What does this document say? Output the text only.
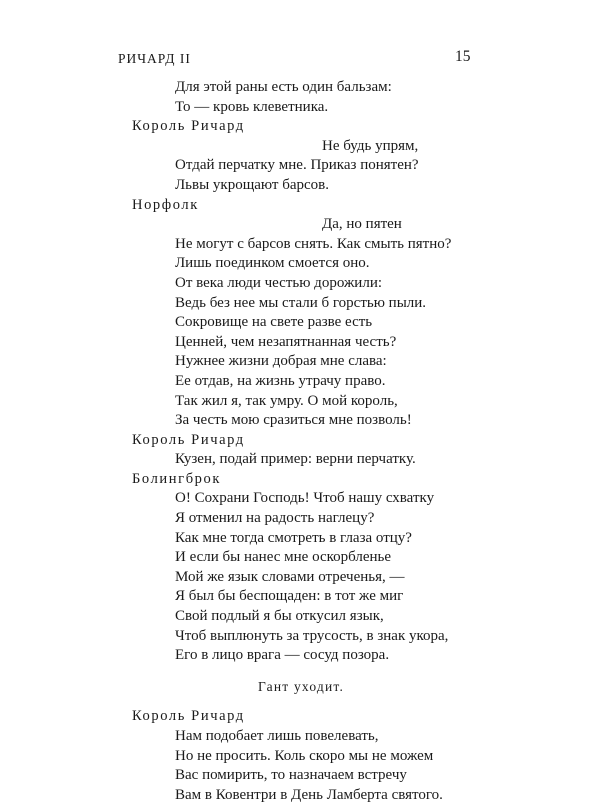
РИЧАРД II	15
Для этой раны есть один бальзам:
То — кровь клеветника.
Король Ричард
Не будь упрям,
Отдай перчатку мне. Приказ понятен?
Львы укрощают барсов.
Норфолк
Да, но пятен
Не могут с барсов снять. Как смыть пятно?
Лишь поединком смоется оно.
От века люди честью дорожили:
Ведь без нее мы стали б горстью пыли.
Сокровище на свете разве есть
Ценней, чем незапятнанная честь?
Нужнее жизни добрая мне слава:
Ее отдав, на жизнь утрачу право.
Так жил я, так умру. О мой король,
За честь мою сразиться мне позволь!
Король Ричард
Кузен, подай пример: верни перчатку.
Болингброк
О! Сохрани Господь! Чтоб нашу схватку
Я отменил на радость наглецу?
Как мне тогда смотреть в глаза отцу?
И если бы нанес мне оскорбленье
Мой же язык словами отреченья, —
Я был бы беспощаден: в тот же миг
Свой подлый я бы откусил язык,
Чтоб выплюнуть за трусость, в знак укора,
Его в лицо врага — сосуд позора.
Гант уходит.
Король Ричард
Нам подобает лишь повелевать,
Но не просить. Коль скоро мы не можем
Вас помирить, то назначаем встречу
Вам в Ковентри в День Ламберта святого.
